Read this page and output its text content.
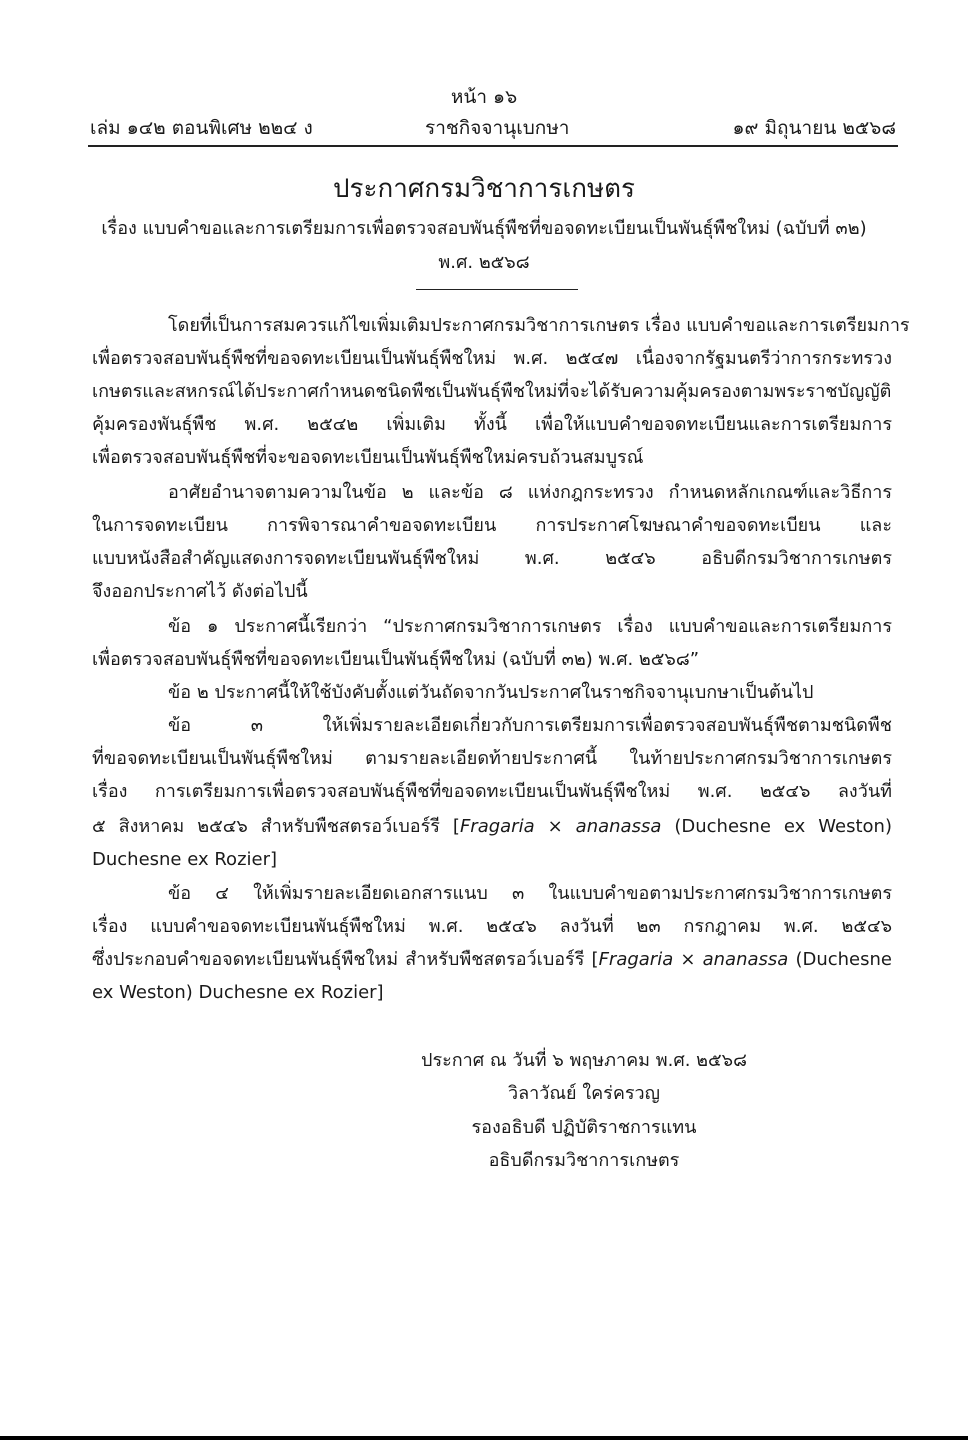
หน้า ๑๖
เล่ม ๑๔๒ ตอนพิเศษ ๒๒๔ ง	ราชกิจจานุเบกษา	๑๙ มิถุนายน ๒๕๖๘
ประกาศกรมวิชาการเกษตร
เรื่อง แบบคำขอและการเตรียมการเพื่อตรวจสอบพันธุ์พืชที่ขอจดทะเบียนเป็นพันธุ์พืชใหม่ (ฉบับที่ ๓๒)
พ.ศ. ๒๕๖๘
โดยที่เป็นการสมควรแก้ไขเพิ่มเติมประกาศกรมวิชาการเกษตร เรื่อง แบบคำขอและการเตรียมการ
เพื่อตรวจสอบพันธุ์พืชที่ขอจดทะเบียนเป็นพันธุ์พืชใหม่ พ.ศ. ๒๕๔๗ เนื่องจากรัฐมนตรีว่าการกระทรวง
เกษตรและสหกรณ์ได้ประกาศกำหนดชนิดพืชเป็นพันธุ์พืชใหม่ที่จะได้รับความคุ้มครองตามพระราชบัญญัติ
คุ้มครองพันธุ์พืช พ.ศ. ๒๕๔๒ เพิ่มเติม ทั้งนี้ เพื่อให้แบบคำขอจดทะเบียนและการเตรียมการ
เพื่อตรวจสอบพันธุ์พืชที่จะขอจดทะเบียนเป็นพันธุ์พืชใหม่ครบถ้วนสมบูรณ์
อาศัยอำนาจตามความในข้อ ๒ และข้อ ๘ แห่งกฎกระทรวง กำหนดหลักเกณฑ์และวิธีการ
ในการจดทะเบียน การพิจารณาคำขอจดทะเบียน การประกาศโฆษณาคำขอจดทะเบียน และ
แบบหนังสือสำคัญแสดงการจดทะเบียนพันธุ์พืชใหม่ พ.ศ. ๒๕๔๖ อธิบดีกรมวิชาการเกษตร
จึงออกประกาศไว้ ดังต่อไปนี้
ข้อ ๑ ประกาศนี้เรียกว่า “ประกาศกรมวิชาการเกษตร เรื่อง แบบคำขอและการเตรียมการ
เพื่อตรวจสอบพันธุ์พืชที่ขอจดทะเบียนเป็นพันธุ์พืชใหม่ (ฉบับที่ ๓๒) พ.ศ. ๒๕๖๘”
ข้อ ๒ ประกาศนี้ให้ใช้บังคับตั้งแต่วันถัดจากวันประกาศในราชกิจจานุเบกษาเป็นต้นไป
ข้อ ๓ ให้เพิ่มรายละเอียดเกี่ยวกับการเตรียมการเพื่อตรวจสอบพันธุ์พืชตามชนิดพืช
ที่ขอจดทะเบียนเป็นพันธุ์พืชใหม่ ตามรายละเอียดท้ายประกาศนี้ ในท้ายประกาศกรมวิชาการเกษตร
เรื่อง การเตรียมการเพื่อตรวจสอบพันธุ์พืชที่ขอจดทะเบียนเป็นพันธุ์พืชใหม่ พ.ศ. ๒๕๔๖ ลงวันที่
๕ สิงหาคม ๒๕๔๖ สำหรับพืชสตรอว์เบอร์รี [Fragaria × ananassa (Duchesne ex Weston)
Duchesne ex Rozier]
ข้อ ๔ ให้เพิ่มรายละเอียดเอกสารแนบ ๓ ในแบบคำขอตามประกาศกรมวิชาการเกษตร
เรื่อง แบบคำขอจดทะเบียนพันธุ์พืชใหม่ พ.ศ. ๒๕๔๖ ลงวันที่ ๒๓ กรกฎาคม พ.ศ. ๒๕๔๖
ซึ่งประกอบคำขอจดทะเบียนพันธุ์พืชใหม่ สำหรับพืชสตรอว์เบอร์รี [Fragaria × ananassa (Duchesne
ex Weston) Duchesne ex Rozier]
ประกาศ ณ วันที่ ๖ พฤษภาคม พ.ศ. ๒๕๖๘
วิลาวัณย์ ใคร่ครวญ
รองอธิบดี ปฏิบัติราชการแทน
อธิบดีกรมวิชาการเกษตร
